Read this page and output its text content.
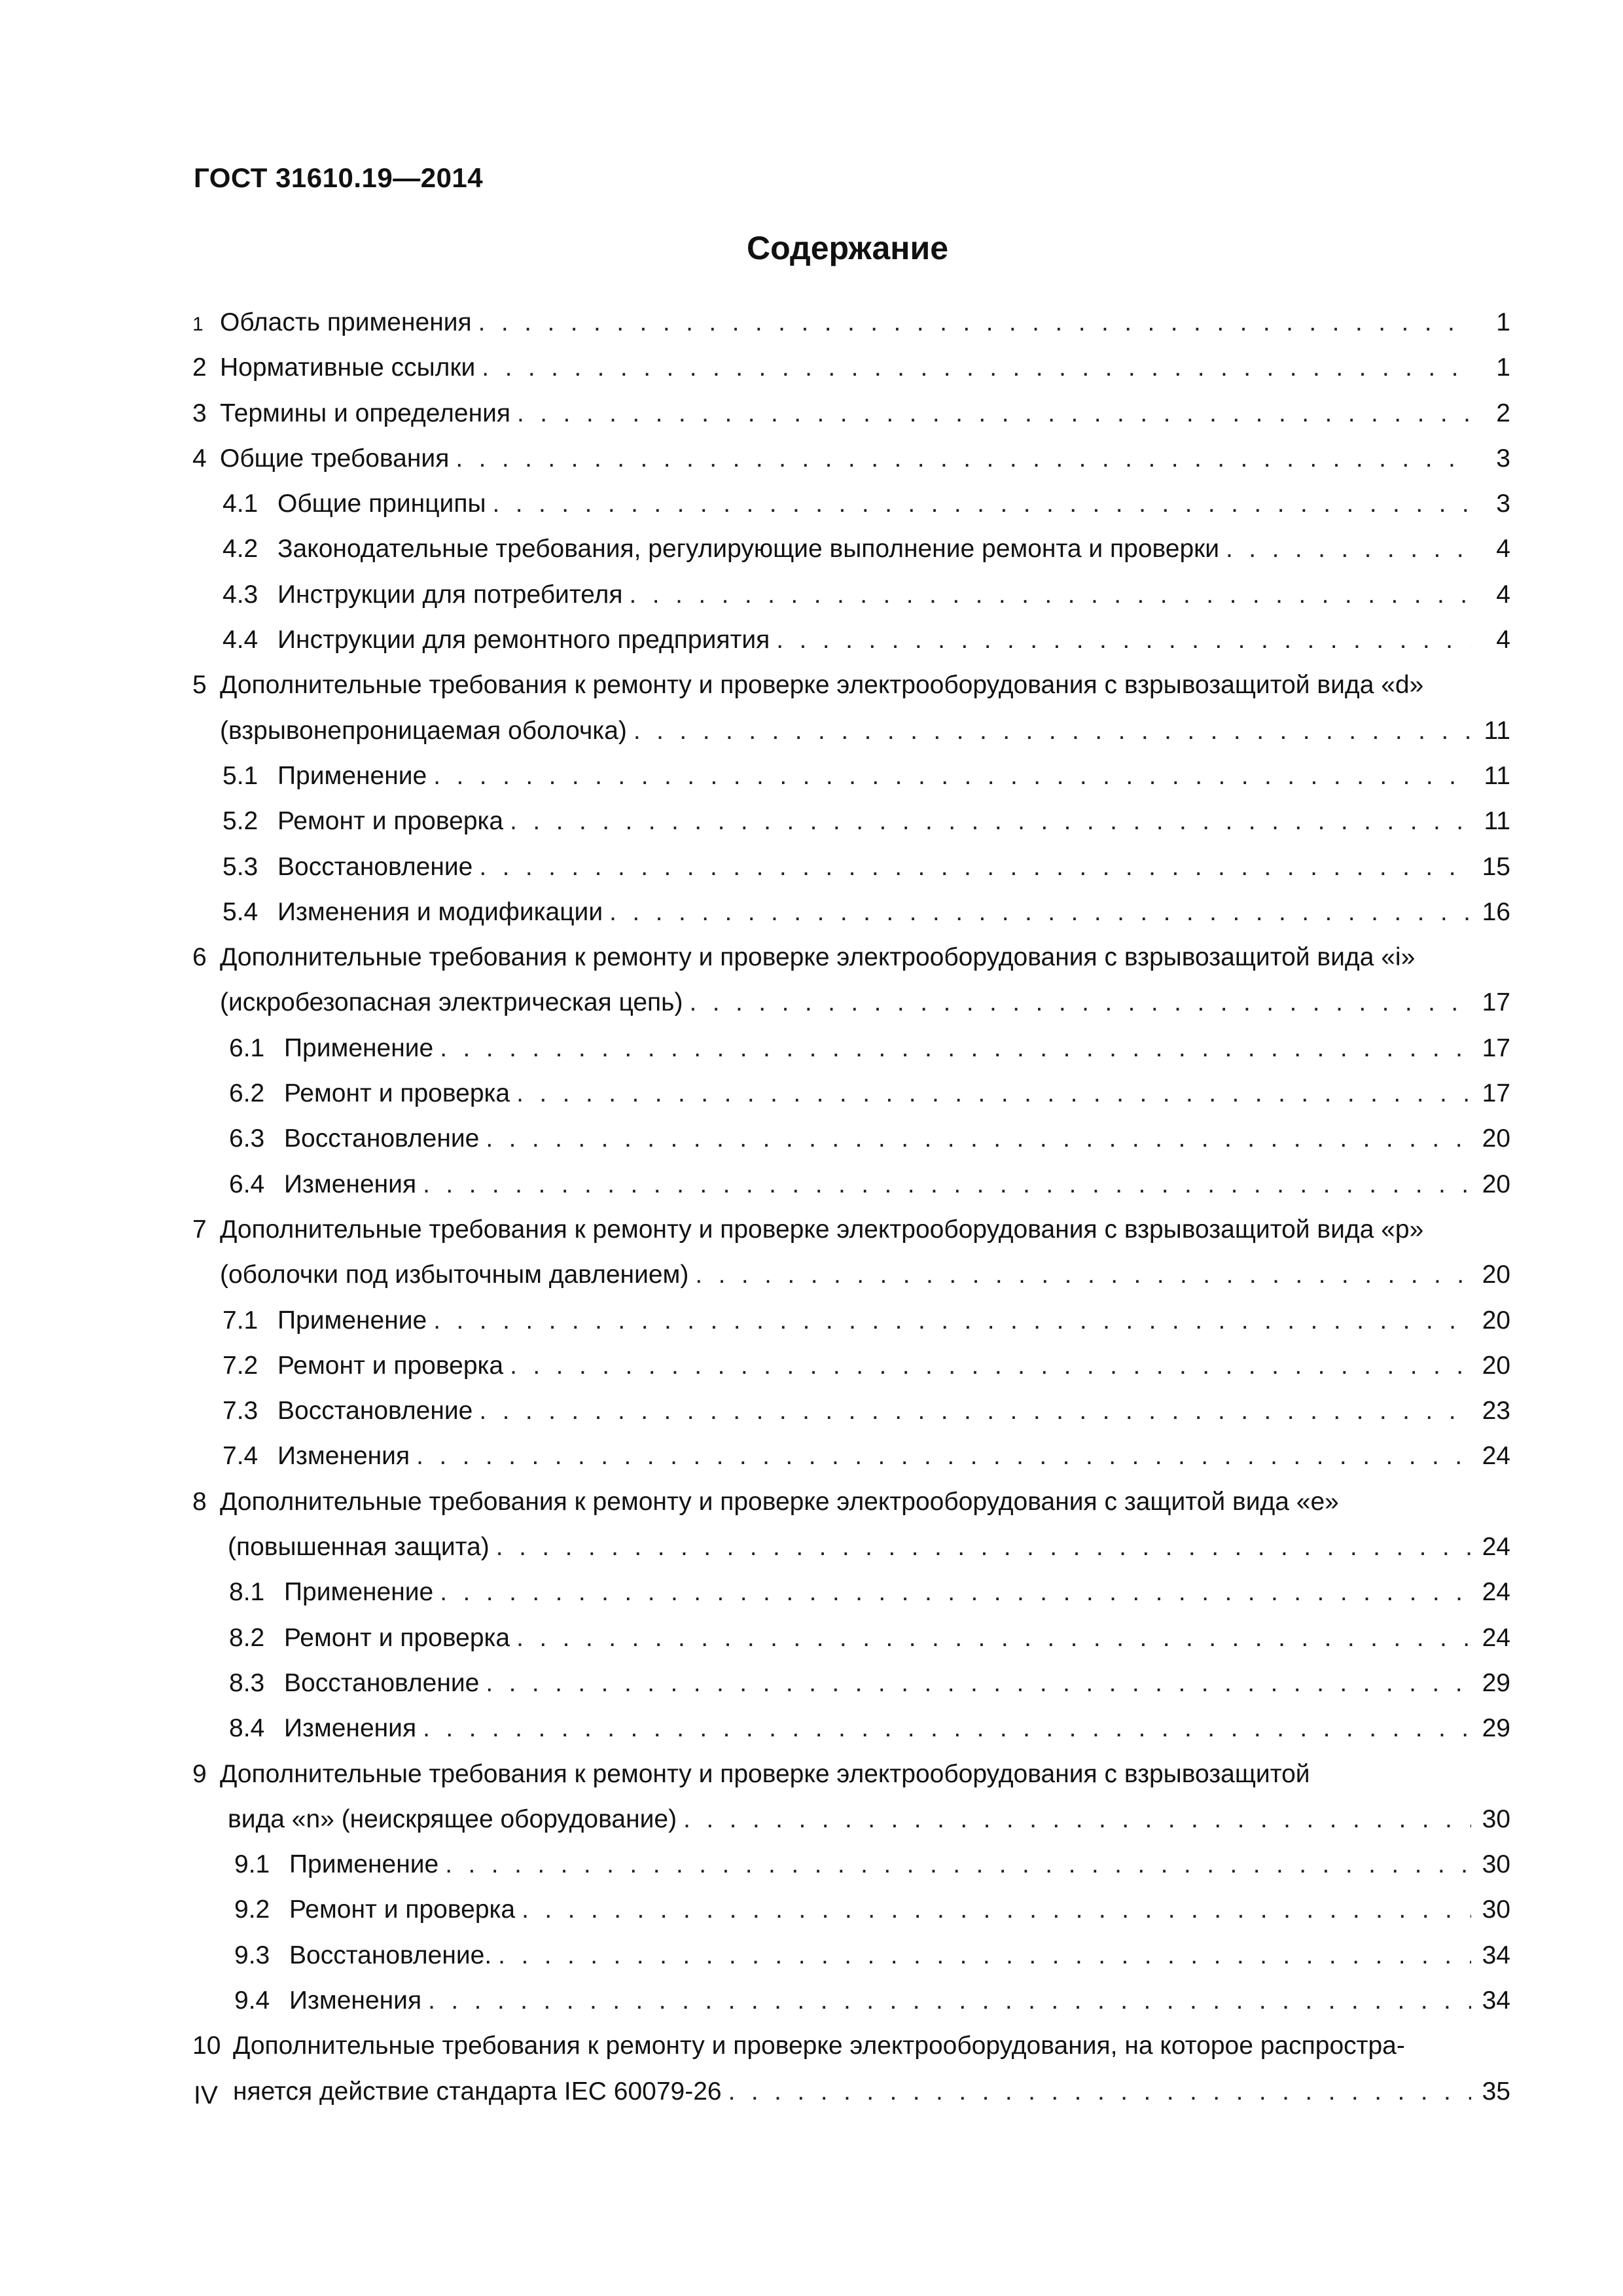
ГОСТ 31610.19—2014
Содержание
1 Область применения . . .	1
2 Нормативные ссылки . . .	1
3 Термины и определения . . .	2
4 Общие требования . . .	3
4.1 Общие принципы . . .	3
4.2 Законодательные требования, регулирующие выполнение ремонта и проверки . . .	4
4.3 Инструкции для потребителя . . .	4
4.4 Инструкции для ремонтного предприятия . . .	4
5 Дополнительные требования к ремонту и проверке электрооборудования с взрывозащитой вида «d»
(взрывонепроницаемая оболочка) . . .	11
5.1 Применение . . .	11
5.2 Ремонт и проверка . . .	11
5.3 Восстановление . . .	15
5.4 Изменения и модификации . . .	16
6 Дополнительные требования к ремонту и проверке электрооборудования с взрывозащитой вида «i»
(искробезопасная электрическая цепь) . . .	17
6.1 Применение . . .	17
6.2 Ремонт и проверка . . .	17
6.3 Восстановление . . .	20
6.4 Изменения . . .	20
7 Дополнительные требования к ремонту и проверке электрооборудования с взрывозащитой вида «р»
(оболочки под избыточным давлением) . . .	20
7.1 Применение . . .	20
7.2 Ремонт и проверка . . .	20
7.3 Восстановление . . .	23
7.4 Изменения . . .	24
8 Дополнительные требования к ремонту и проверке электрооборудования с защитой вида «е»
(повышенная защита) . . .	24
8.1 Применение . . .	24
8.2 Ремонт и проверка . . .	24
8.3 Восстановление . . .	29
8.4 Изменения . . .	29
9 Дополнительные требования к ремонту и проверке электрооборудования с взрывозащитой
вида «n» (неискрящее оборудование) . . .	30
9.1 Применение . . .	30
9.2 Ремонт и проверка . . .	30
9.3 Восстановление. . . .	34
9.4 Изменения . . .	34
10 Дополнительные требования к ремонту и проверке электрооборудования, на которое распростра-
няется действие стандарта IEC 60079-26 . . .	35
IV
